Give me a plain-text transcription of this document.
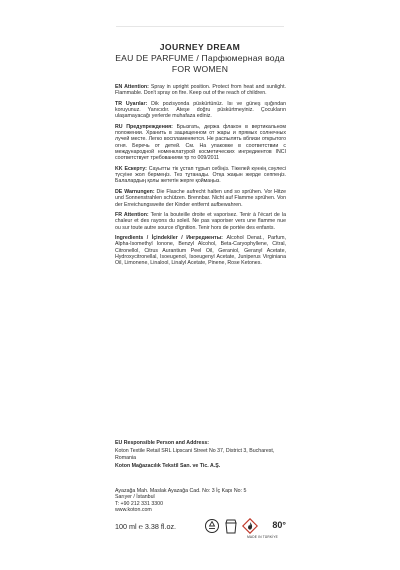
JOURNEY DREAM
EAU DE PARFUME / Парфюмерная вода
FOR WOMEN

EN Attention: Spray in upright position. Protect from heat and sunlight. Flammable. Don't spray on fire. Keep out of the reach of children.

TR Uyarılar: Dik pozisyonda püskürtünüz. Isı ve güneş ışığından koruyunuz. Yanıcıdır. Ateşe doğru püskürtmeyiniz. Çocukların ulaşamayacağı yerlerde muhafaza ediniz.

RU Предупреждения: Брызгать, держа флакон в вертикальном положении. Хранить в защищенном от жары и прямых солнечных лучей месте. Легко воспламеняется. Не распылять вблизи открытого огня. Беречь от детей. См. На упаковке в соответствии с международной номенклатурой косметических ингредиентов INCI соответствует требованиям тр то 009/2011

KK Ескерту: Сауытты тік ұстап тұрып себіңіз. Тікелей күннің сәулесі түсуіне жол бермеңіз. Тез тұтанады. Отқа жақын жерде сеппеңіз. Балалардың қолы жететін жерге қоймаңыз.

DE Warnungen: Die Flasche aufrecht halten und so sprühen. Vor Hitze und Sonnenstrahlen schützen. Brennbar. Nicht auf Flamme sprühen. Von der Erreichungsweite der Kinder entfernt aufbewahren.

FR Attention: Tenir la bouteille droite et vaporisez. Tenir à l'écart de la chaleur et des rayons du soleil. Ne pas vaporiser vers une flamme nue ou sur toute autre source d'ignition. Tenir hors de portée des enfants.

Ingredients / İçindekiler / Ингредиенты: Alcohol Denat., Parfum, Alpha-Isomethyl Ionone, Benzyl Alcohol, Beta-Caryophyllene, Citral, Citronellol, Citrus Aurantium Peel Oil, Geraniol, Geranyl Acetate, Hydroxycitronellal, Isoeugenol, Isoeugenyl Acetate, Juniperus Virginiana Oil, Limonene, Linalool, Linalyl Acetate, Pinene, Rose Ketones.

EU Responsible Person and Address:
Koton Textile Retail SRL Lipscani Street No 37, District 3, Bucharest, Romania
Koton Mağazacılık Tekstil San. ve Tic. A.Ş.
Ayazağa Mah. Maslak Ayazağa Cad. No: 3 İç Kapı No: 5
Sarıyer / İstanbul
T: +90 212 331 3300
www.koton.com
100 ml ℮ 3.38 fl.oz.	80°
MADE IN TÜRKİYE
